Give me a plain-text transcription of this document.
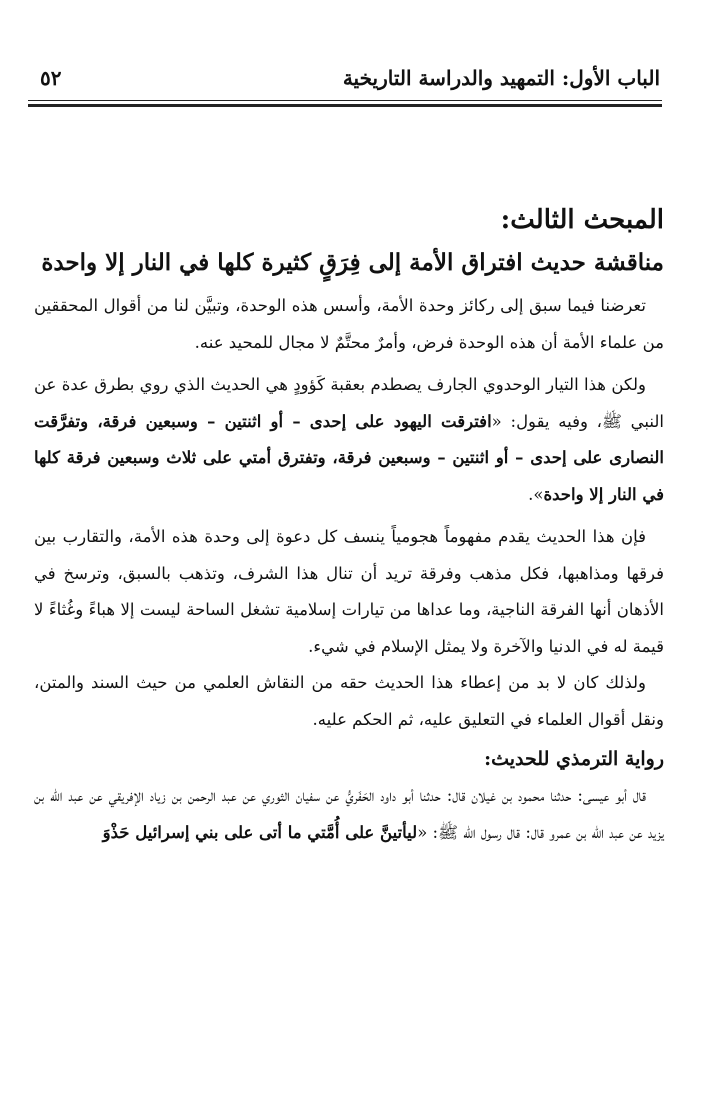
الباب الأول: التمهيد والدراسة التاريخية
٥٢
المبحث الثالث:
مناقشة حديث افتراق الأمة إلى فِرَقٍ كثيرة كلها في النار إلا واحدة

تعرضنا فيما سبق إلى ركائز وحدة الأمة، وأسس هذه الوحدة، وتبيَّن لنا من أقوال المحققين من علماء الأمة أن هذه الوحدة فرض، وأمرٌ محتَّمٌ لا مجال للمحيد عنه.

ولكن هذا التيار الوحدوي الجارف يصطدم بعقبة كَؤودٍ هي الحديث الذي روي بطرق عدة عن النبي ﷺ، وفيه يقول: «افترقت اليهود على إحدى – أو اثنتين – وسبعين فرقة، وتفرَّقت النصارى على إحدى – أو اثنتين – وسبعين فرقة، وتفترق أمتي على ثلاث وسبعين فرقة كلها في النار إلا واحدة».

فإن هذا الحديث يقدم مفهوماً هجومياً ينسف كل دعوة إلى وحدة هذه الأمة، والتقارب بين فرقها ومذاهبها، فكل مذهب وفرقة تريد أن تنال هذا الشرف، وتذهب بالسبق، وترسخ في الأذهان أنها الفرقة الناجية، وما عداها من تيارات إسلامية تشغل الساحة ليست إلا هباءً وغُثاءً لا قيمة له في الدنيا والآخرة ولا يمثل الإسلام في شيء.

ولذلك كان لا بد من إعطاء هذا الحديث حقه من النقاش العلمي من حيث السند والمتن، ونقل أقوال العلماء في التعليق عليه، ثم الحكم عليه.

رواية الترمذي للحديث:

قال أبو عيسى: حدثنا محمود بن غيلان قال: حدثنا أبو داود الحَفَريُّ عن سفيان الثوري عن عبد الرحمن بن زياد الإفريقي عن عبد الله بن يزيد عن عبد الله بن عمرو قال: قال رسول الله ﷺ: «ليأتينَّ على أُمَّتي ما أتى على بني إسرائيل حَذْوَ
